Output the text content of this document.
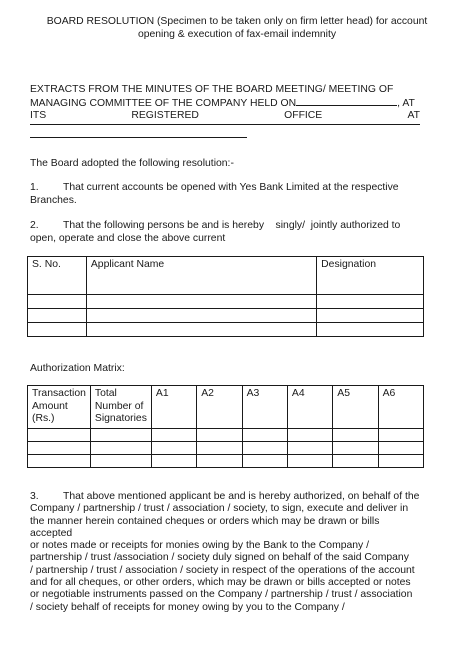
BOARD RESOLUTION (Specimen to be taken only on firm letter head) for account
opening & execution of fax-email indemnity
EXTRACTS FROM THE MINUTES OF THE BOARD MEETING/ MEETING OF
MANAGING COMMITTEE OF THE COMPANY HELD ON	, AT
ITS	REGISTERED	OFFICE	AT
The Board adopted the following resolution:-
1. That current accounts be opened with Yes Bank Limited at the respective
Branches.
2. That the following persons be and is hereby    singly/  jointly authorized to
open, operate and close the above current
S. No.	Applicant Name	Designation

Authorization Matrix:
Transaction Amount (Rs.)	Total Number of Signatories	A1	A2	A3	A4	A5	A6

3. That above mentioned applicant be and is hereby authorized, on behalf of the
Company / partnership / trust / association / society, to sign, execute and deliver in
the manner herein contained cheques or orders which may be drawn or bills accepted
or notes made or receipts for monies owing by the Bank to the Company /
partnership / trust /association / society duly signed on behalf of the said Company
/ partnership / trust / association / society in respect of the operations of the account
and for all cheques, or other orders, which may be drawn or bills accepted or notes
or negotiable instruments passed on the Company / partnership / trust / association
/ society behalf of receipts for money owing by you to the Company /
